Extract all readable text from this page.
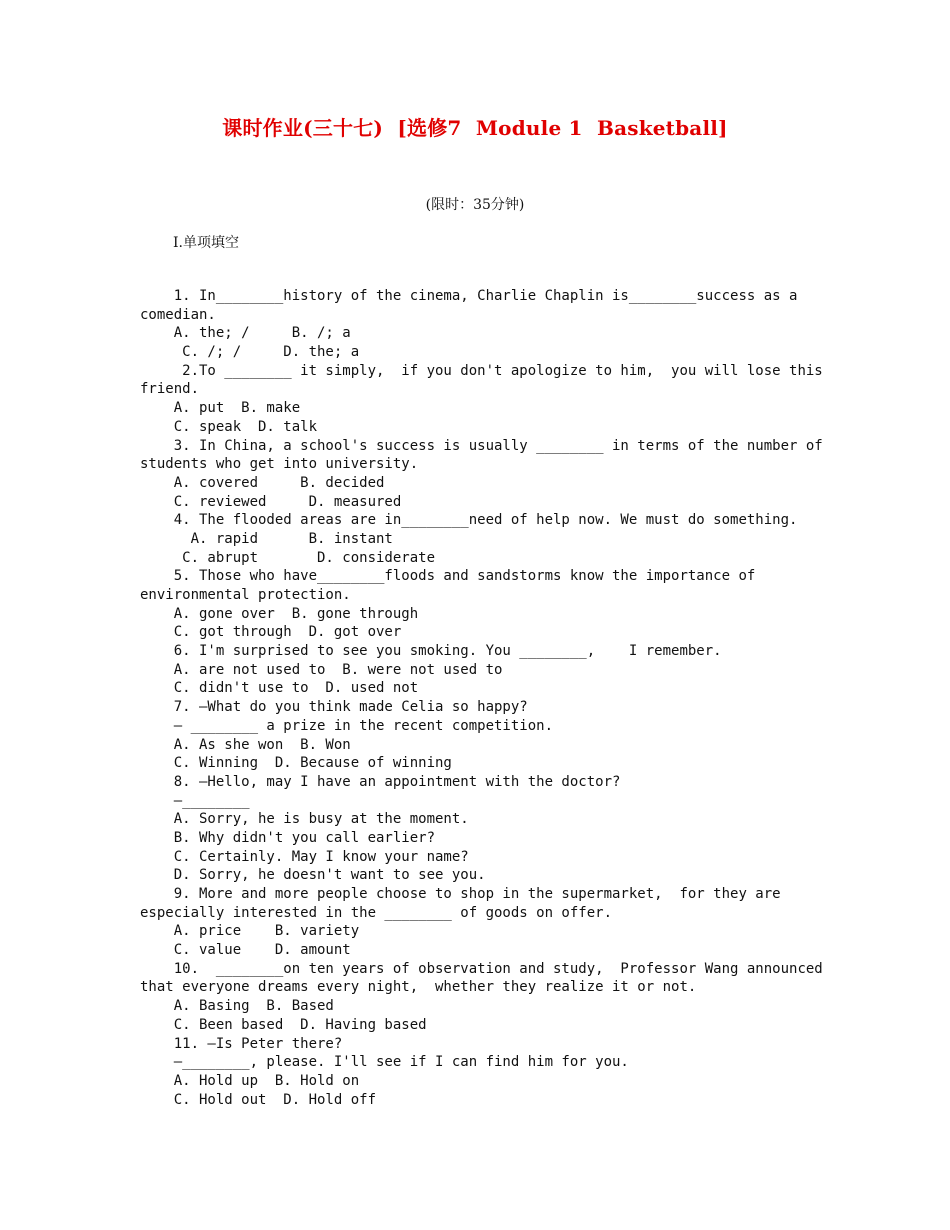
课时作业(三十七)  [选修7  Module 1  Basketball]
(限时：35分钟)
Ⅰ.单项填空
1. In________history of the cinema, Charlie Chaplin is________success as a
comedian.
A. the; /     B. /; a
C. /; /     D. the; a
2.To ________ it simply,  if you don't apologize to him,  you will lose this
friend.
A. put  B. make
C. speak  D. talk
3. In China, a school's success is usually ________ in terms of the number of
students who get into university.
A. covered     B. decided
C. reviewed     D. measured
4. The flooded areas are in________need of help now. We must do something.
A. rapid      B. instant
C. abrupt       D. considerate
5. Those who have________floods and sandstorms know the importance of
environmental protection.
A. gone over  B. gone through
C. got through  D. got over
6. I'm surprised to see you smoking. You ________,    I remember.
A. are not used to  B. were not used to
C. didn't use to  D. used not
7. —What do you think made Celia so happy?
— ________ a prize in the recent competition.
A. As she won  B. Won
C. Winning  D. Because of winning
8. —Hello, may I have an appointment with the doctor?
—________
A. Sorry, he is busy at the moment.
B. Why didn't you call earlier?
C. Certainly. May I know your name?
D. Sorry, he doesn't want to see you.
9. More and more people choose to shop in the supermarket,  for they are
especially interested in the ________ of goods on offer.
A. price    B. variety
C. value    D. amount
10.  ________on ten years of observation and study,  Professor Wang announced
that everyone dreams every night,  whether they realize it or not.
A. Basing  B. Based
C. Been based  D. Having based
11. —Is Peter there?
—________, please. I'll see if I can find him for you.
A. Hold up  B. Hold on
C. Hold out  D. Hold off
